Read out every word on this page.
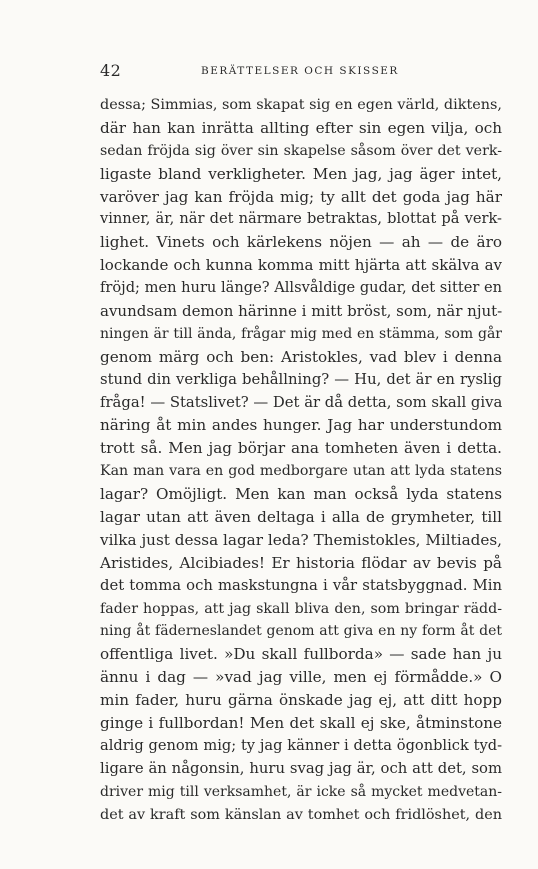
42	BERÄTTELSER OCH SKISSER
dessa; Simmias, som skapat sig en egen värld, diktens,
där han kan inrätta allting efter sin egen vilja, och
sedan fröjda sig över sin skapelse såsom över det verk-
ligaste bland verkligheter. Men jag, jag äger intet,
varöver jag kan fröjda mig; ty allt det goda jag här
vinner, är, när det närmare betraktas, blottat på verk-
lighet. Vinets och kärlekens nöjen — ah — de äro
lockande och kunna komma mitt hjärta att skälva av
fröjd; men huru länge? Allsvåldige gudar, det sitter en
avundsam demon härinne i mitt bröst, som, när njut-
ningen är till ända, frågar mig med en stämma, som går
genom märg och ben: Aristokles, vad blev i denna
stund din verkliga behållning? — Hu, det är en ryslig
fråga! — Statslivet? — Det är då detta, som skall giva
näring åt min andes hunger. Jag har understundom
trott så. Men jag börjar ana tomheten även i detta.
Kan man vara en god medborgare utan att lyda statens
lagar? Omöjligt. Men kan man också lyda statens
lagar utan att även deltaga i alla de grymheter, till
vilka just dessa lagar leda? Themistokles, Miltiades,
Aristides, Alcibiades! Er historia flödar av bevis på
det tomma och maskstungna i vår statsbyggnad. Min
fader hoppas, att jag skall bliva den, som bringar rädd-
ning åt fäderneslandet genom att giva en ny form åt det
offentliga livet. »Du skall fullborda» — sade han ju
ännu i dag — »vad jag ville, men ej förmådde.» O
min fader, huru gärna önskade jag ej, att ditt hopp
ginge i fullbordan! Men det skall ej ske, åtminstone
aldrig genom mig; ty jag känner i detta ögonblick tyd-
ligare än någonsin, huru svag jag är, och att det, som
driver mig till verksamhet, är icke så mycket medvetan-
det av kraft som känslan av tomhet och fridlöshet, den
